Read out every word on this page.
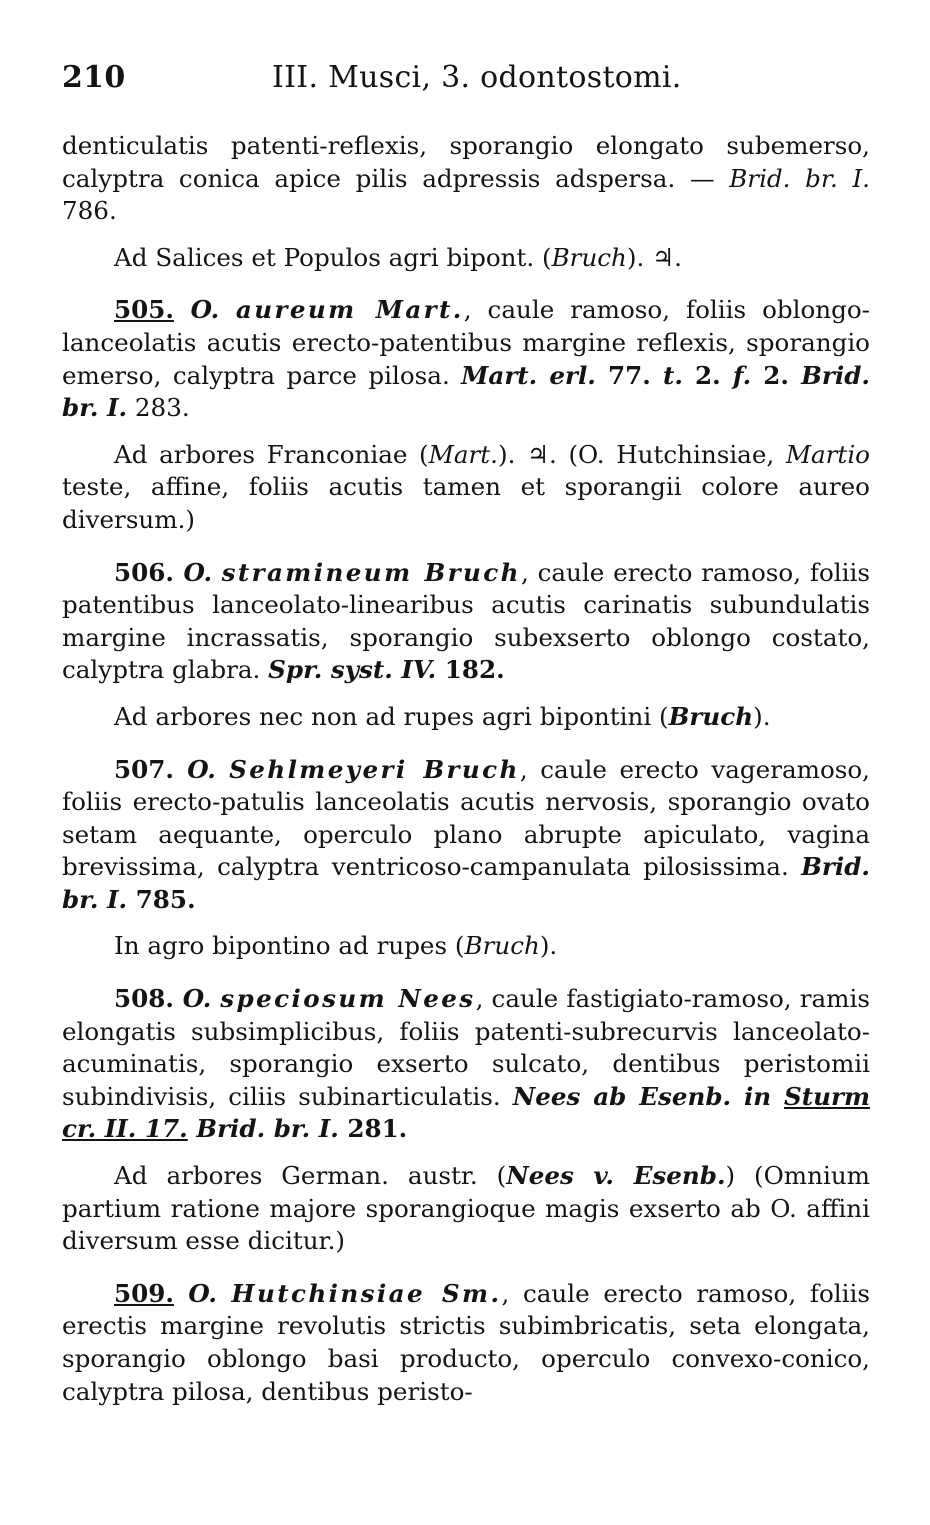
210	III. Musci, 3. odontostomi.

denticulatis patenti-reflexis, sporangio elongato subemerso, calyptra conica apice pilis adpressis adspersa. — Brid. br. I. 786.

Ad Salices et Populos agri bipont. (Bruch). ♃.

505. O. aureum Mart., caule ramoso, foliis oblongo-lanceolatis acutis erecto-patentibus margine reflexis, sporangio emerso, calyptra parce pilosa. Mart. erl. 77. t. 2. f. 2. Brid. br. I. 283.

Ad arbores Franconiae (Mart.). ♃. (O. Hutchinsiae, Martio teste, affine, foliis acutis tamen et sporangii colore aureo diversum.)

506. O. stramineum Bruch, caule erecto ramoso, foliis patentibus lanceolato-linearibus acutis carinatis subundulatis margine incrassatis, sporangio subexserto oblongo costato, calyptra glabra. Spr. syst. IV. 182.

Ad arbores nec non ad rupes agri bipontini (Bruch).

507. O. Sehlmeyeri Bruch, caule erecto vageramoso, foliis erecto-patulis lanceolatis acutis nervosis, sporangio ovato setam aequante, operculo plano abrupte apiculato, vagina brevissima, calyptra ventricoso-campanulata pilosissima. Brid. br. I. 785.

In agro bipontino ad rupes (Bruch).

508. O. speciosum Nees, caule fastigiato-ramoso, ramis elongatis subsimplicibus, foliis patenti-subrecurvis lanceolato-acuminatis, sporangio exserto sulcato, dentibus peristomii subindivisis, ciliis subinarticulatis. Nees ab Esenb. in Sturm cr. II. 17. Brid. br. I. 281.

Ad arbores German. austr. (Nees v. Esenb.) (Omnium partium ratione majore sporangioque magis exserto ab O. affini diversum esse dicitur.)

509. O. Hutchinsiae Sm., caule erecto ramoso, foliis erectis margine revolutis strictis subimbricatis, seta elongata, sporangio oblongo basi producto, operculo convexo-conico, calyptra pilosa, dentibus peristo-
